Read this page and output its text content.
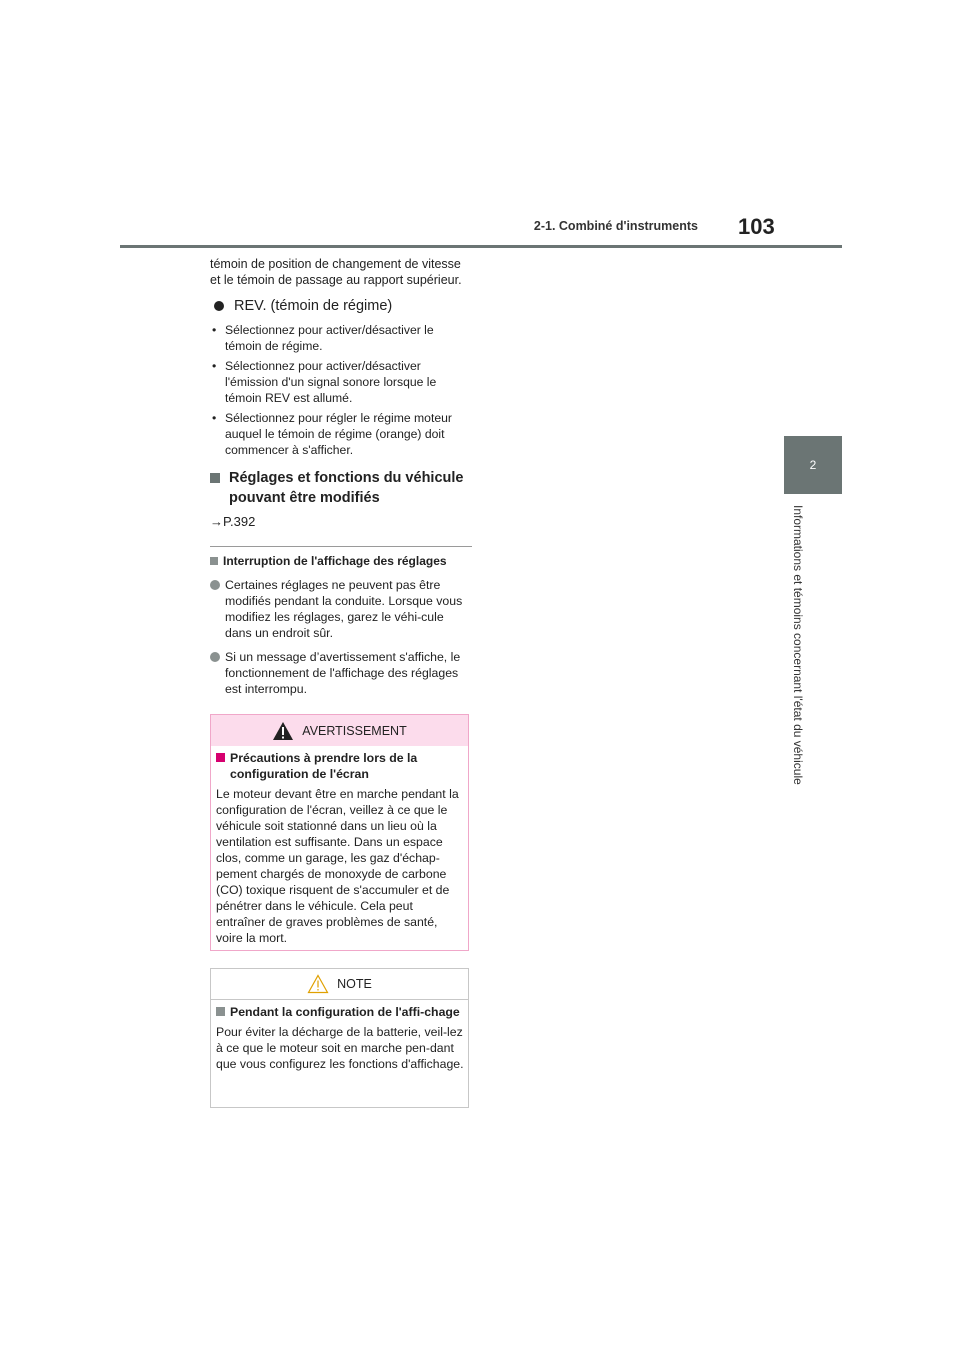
2-1. Combiné d'instruments 103
2
Informations et témoins concernant l'état du véhicule

témoin de position de changement de vitesse et le témoin de passage au rapport supérieur.

REV. (témoin de régime)
• Sélectionnez pour activer/désactiver le témoin de régime.
• Sélectionnez pour activer/désactiver l'émission d'un signal sonore lorsque le témoin REV est allumé.
• Sélectionnez pour régler le régime moteur auquel le témoin de régime (orange) doit commencer à s'afficher.
Réglages et fonctions du véhicule pouvant être modifiés
→P.392
Interruption de l'affichage des réglages
Certaines réglages ne peuvent pas être modifiés pendant la conduite. Lorsque vous modifiez les réglages, garez le véhi-cule dans un endroit sûr.
Si un message d’avertissement s'affiche, le fonctionnement de l'affichage des réglages est interrompu.
AVERTISSEMENT
Précautions à prendre lors de la configuration de l'écran
Le moteur devant être en marche pendant la configuration de l'écran, veillez à ce que le véhicule soit stationné dans un lieu où la ventilation est suffisante. Dans un espace clos, comme un garage, les gaz d'échap-pement chargés de monoxyde de carbone (CO) toxique risquent de s'accumuler et de pénétrer dans le véhicule. Cela peut entraîner de graves problèmes de santé, voire la mort.
NOTE
Pendant la configuration de l'affi-chage
Pour éviter la décharge de la batterie, veil-lez à ce que le moteur soit en marche pen-dant que vous configurez les fonctions d'affichage.
